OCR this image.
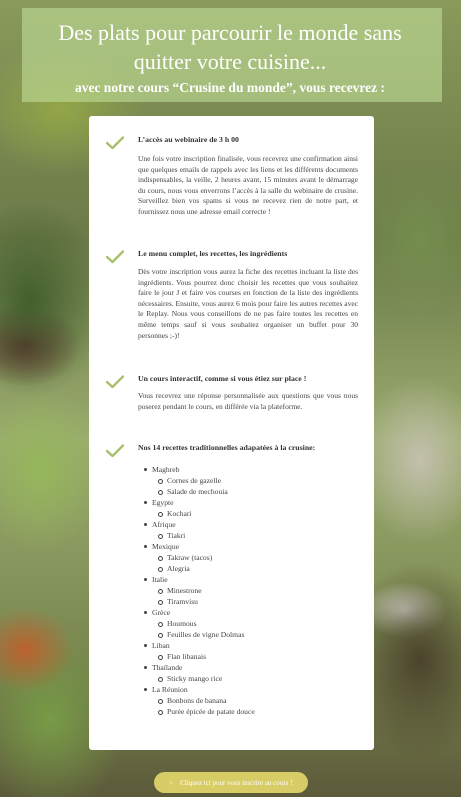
Des plats pour parcourir le monde sans quitter votre cuisine...
avec notre cours “Crusine du monde”, vous recevrez :
L’accès au webinaire de 3 h 00
Une fois votre inscription finalisée, vous recevrez une confirmation ainsi que quelques emails de rappels avec les liens et les différents documents indispensables, la veille, 2 heures avant, 15 minutes avant le démarrage du cours, nous vous enverrons l’accès à la salle du webinaire de crusine. Surveillez bien vos spams si vous ne recevez rien de notre part, et fournissez nous une adresse email correcte !
Le menu complet, les recettes, les ingrédients
Dès votre inscription vous aurez la fiche des recettes incluant la liste des ingrédients. Vous pourrez donc choisir les recettes que vous souhaitez faire le jour J et faire vos courses en fonction de la liste des ingrédients nécessaires. Ensuite, vous aurez 6 mois pour faire les autres recettes avec le Replay. Nous vous conseillons de ne pas faire toutes les recettes en même temps sauf si vous souhaitez organiser un buffet pour 30 personnes ;-)!
Un cours interactif, comme si vous étiez sur place !
Vous recevrez une réponse personnalisée aux questions que vous nous poserez pendant le cours, en différée via la plateforme.
Nos 14 recettes traditionnelles adapatées à la crusine:
Maghreb
Cornes de gazelle
Salade de mechouia
Egypte
Kochari
Afrique
Tiakri
Mexique
Takraw (tacos)
Alegria
Italie
Minestrone
Tiramvisu
Grèce
Houmous
Feuilles de vigne Dolmas
Liban
Flan libanais
Thaïlande
Sticky mango rice
La Réunion
Bonbons de banana
Purée épicée de patate douce
› Cliquez ici pour vous inscrire au cours !
